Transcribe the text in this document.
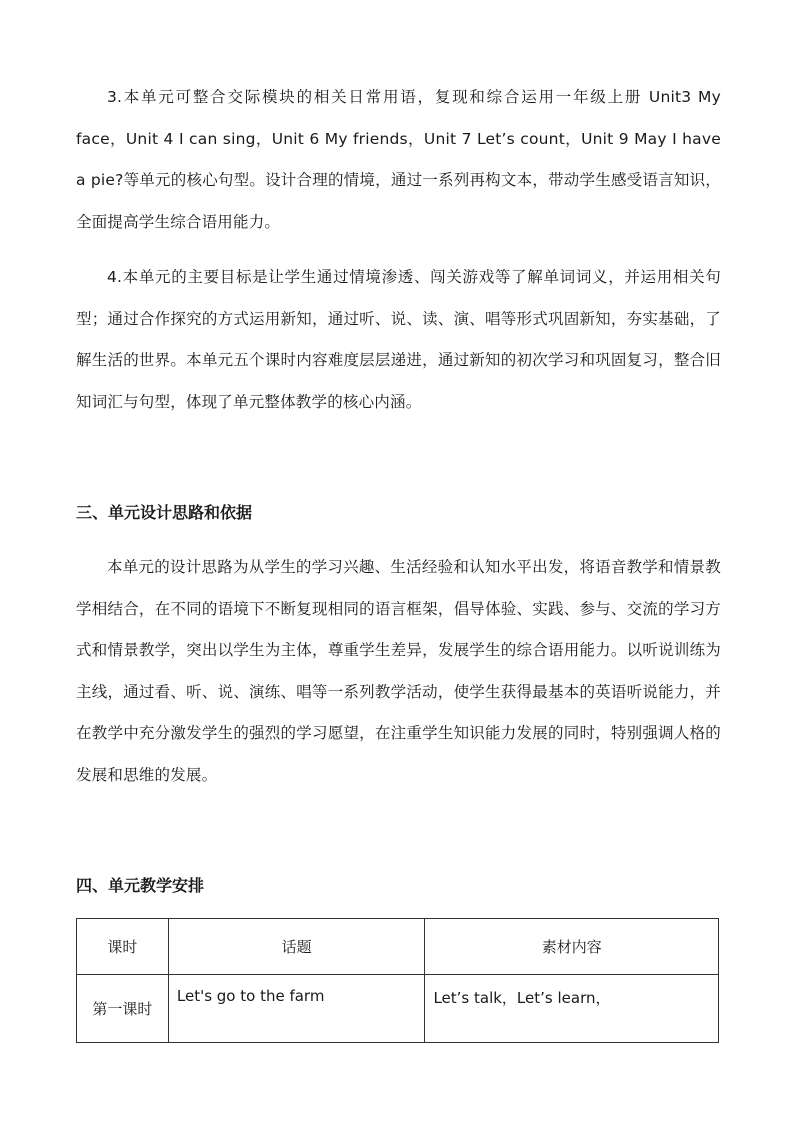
3.本单元可整合交际模块的相关日常用语，复现和综合运用一年级上册 Unit3 My face，Unit 4 I can sing，Unit 6 My friends，Unit 7 Let’s count，Unit 9 May I have a pie?等单元的核心句型。设计合理的情境，通过一系列再构文本，带动学生感受语言知识，全面提高学生综合语用能力。

4.本单元的主要目标是让学生通过情境渗透、闯关游戏等了解单词词义，并运用相关句型；通过合作探究的方式运用新知，通过听、说、读、演、唱等形式巩固新知，夯实基础，了解生活的世界。本单元五个课时内容难度层层递进，通过新知的初次学习和巩固复习，整合旧知词汇与句型，体现了单元整体教学的核心内涵。

三、单元设计思路和依据

本单元的设计思路为从学生的学习兴趣、生活经验和认知水平出发，将语音教学和情景教学相结合，在不同的语境下不断复现相同的语言框架，倡导体验、实践、参与、交流的学习方式和情景教学，突出以学生为主体，尊重学生差异，发展学生的综合语用能力。以听说训练为主线，通过看、听、说、演练、唱等一系列教学活动，使学生获得最基本的英语听说能力，并在教学中充分激发学生的强烈的学习愿望，在注重学生知识能力发展的同时，特别强调人格的发展和思维的发展。

四、单元教学安排
课时	话题	素材内容
第一课时	Let's go to the farm	Let’s talk，Let’s learn，
